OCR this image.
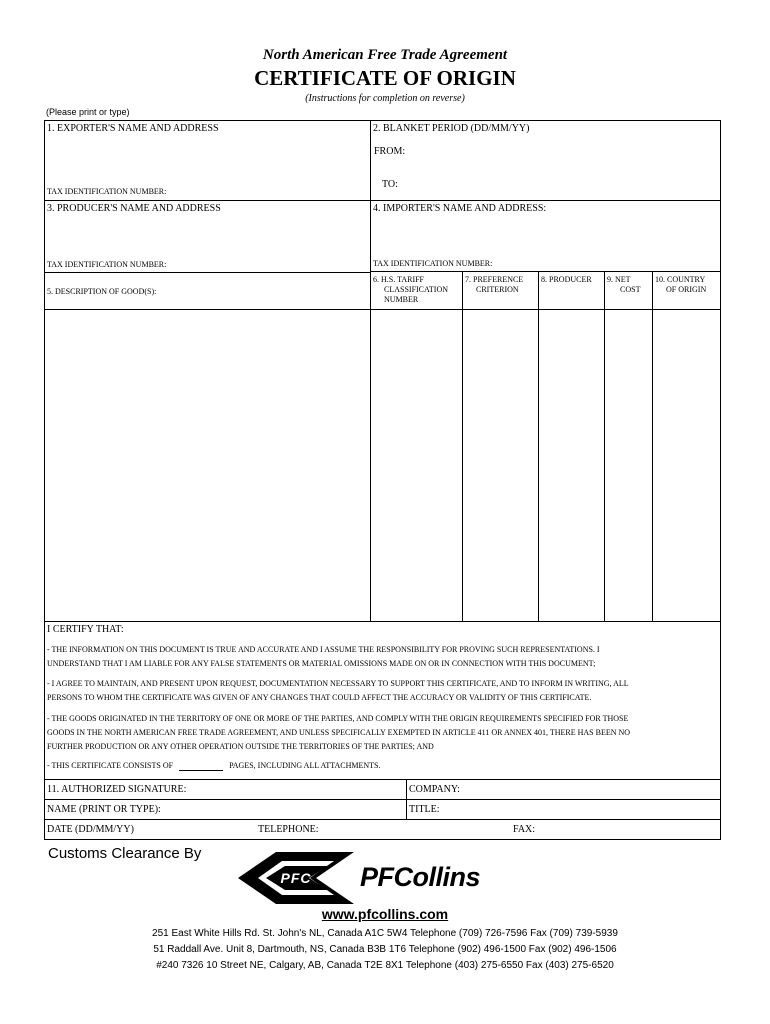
North American Free Trade Agreement
CERTIFICATE OF ORIGIN
(Instructions for completion on reverse)
(Please print or type)
1. EXPORTER'S NAME AND ADDRESS
TAX IDENTIFICATION NUMBER:
2. BLANKET PERIOD (DD/MM/YY)
FROM:
TO:
3. PRODUCER'S NAME AND ADDRESS
TAX IDENTIFICATION NUMBER:
4. IMPORTER'S NAME AND ADDRESS:
TAX IDENTIFICATION NUMBER:
5. DESCRIPTION OF GOOD(S):
6. H.S. TARIFF
CLASSIFICATION
NUMBER
7. PREFERENCE
CRITERION
8. PRODUCER	9. NET
COST
10. COUNTRY
OF ORIGIN
I CERTIFY THAT:
- THE INFORMATION ON THIS DOCUMENT IS TRUE AND ACCURATE AND I ASSUME THE RESPONSIBILITY FOR PROVING SUCH REPRESENTATIONS. I
UNDERSTAND THAT I AM LIABLE FOR ANY FALSE STATEMENTS OR MATERIAL OMISSIONS MADE ON OR IN CONNECTION WITH THIS DOCUMENT;
- I AGREE TO MAINTAIN, AND PRESENT UPON REQUEST, DOCUMENTATION NECESSARY TO SUPPORT THIS CERTIFICATE, AND TO INFORM IN WRITING, ALL
PERSONS TO WHOM THE CERTIFICATE WAS GIVEN OF ANY CHANGES THAT COULD AFFECT THE ACCURACY OR VALIDITY OF THIS CERTIFICATE.
- THE GOODS ORIGINATED IN THE TERRITORY OF ONE OR MORE OF THE PARTIES, AND COMPLY WITH THE ORIGIN REQUIREMENTS SPECIFIED FOR THOSE
GOODS IN THE NORTH AMERICAN FREE TRADE AGREEMENT, AND UNLESS SPECIFICALLY EXEMPTED IN ARTICLE 411 OR ANNEX 401, THERE HAS BEEN NO
FURTHER PRODUCTION OR ANY OTHER OPERATION OUTSIDE THE TERRITORIES OF THE PARTIES; AND
- THIS CERTIFICATE CONSISTS OF	PAGES, INCLUDING ALL ATTACHMENTS.
11. AUTHORIZED SIGNATURE:	COMPANY:
NAME (PRINT OR TYPE):	TITLE:
DATE (DD/MM/YY)	TELEPHONE:	FAX:
Customs Clearance By
PFC PFCollins
www.pfcollins.com
251 East White Hills Rd. St. John's NL, Canada A1C 5W4 Telephone (709) 726-7596 Fax (709) 739-5939
51 Raddall Ave. Unit 8, Dartmouth, NS, Canada B3B 1T6 Telephone (902) 496-1500 Fax (902) 496-1506
#240 7326 10 Street NE, Calgary, AB, Canada T2E 8X1 Telephone (403) 275-6550 Fax (403) 275-6520
